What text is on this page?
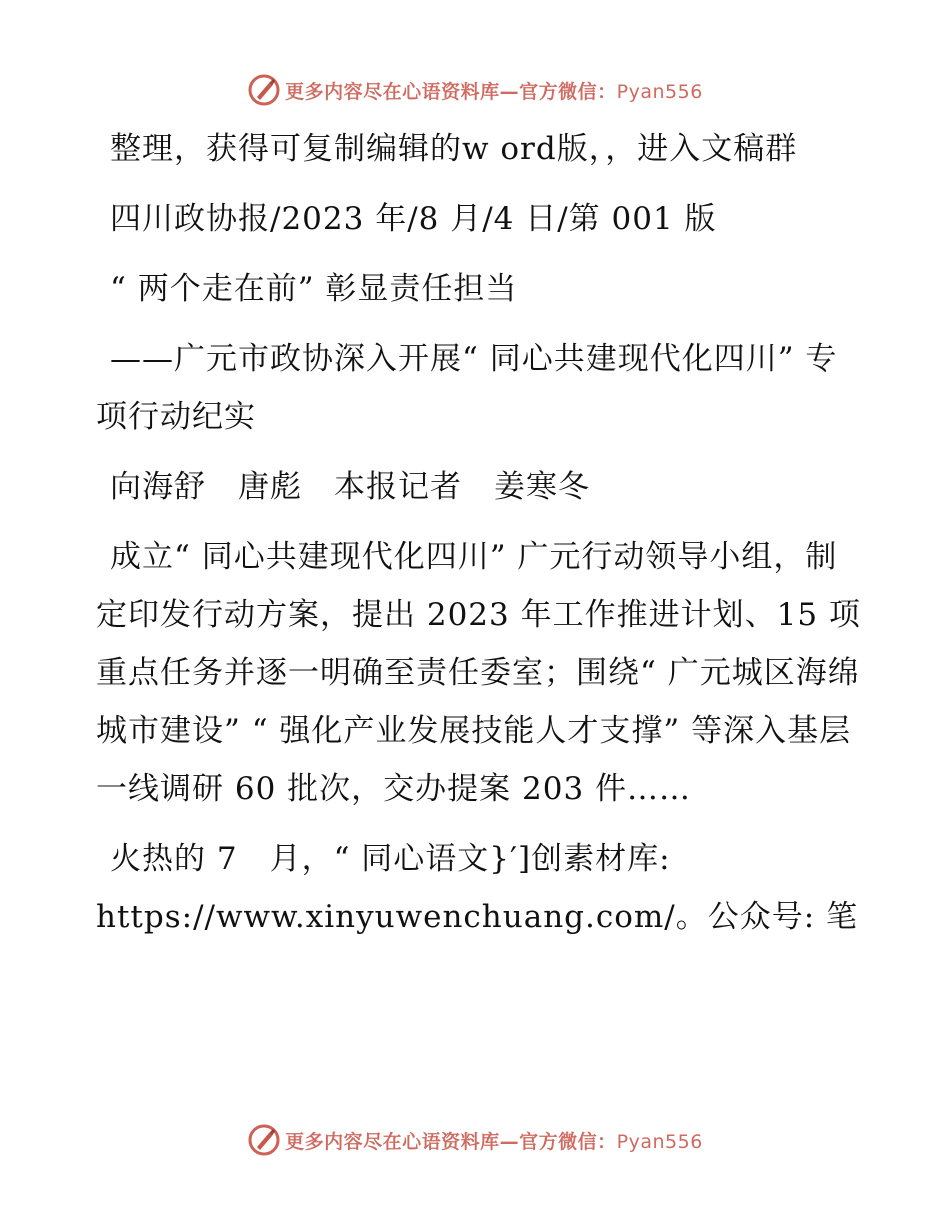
更多内容尽在心语资料库—官方微信：Pyan556

整理，获得可复制编辑的w ord版，，进入文稿群

四川政协报/2023 年/8 月/4 日/第 001 版

“ 两个走在前” 彰显责任担当

——广元市政协深入开展“ 同心共建现代化四川” 专项行动纪实

向海舒　唐彪　本报记者　姜寒冬

成立“ 同心共建现代化四川” 广元行动领导小组，制定印发行动方案，提出 2023 年工作推进计划、15 项重点任务并逐一明确至责任委室；围绕“ 广元城区海绵城市建设” “ 强化产业发展技能人才支撑” 等深入基层一线调研 60 批次，交办提案 203 件……

火热的 7　月，“ 同心语文}′]创素材库:

https://www.xinyuwenchuang.com/。公众号: 笔

更多内容尽在心语资料库—官方微信：Pyan556
